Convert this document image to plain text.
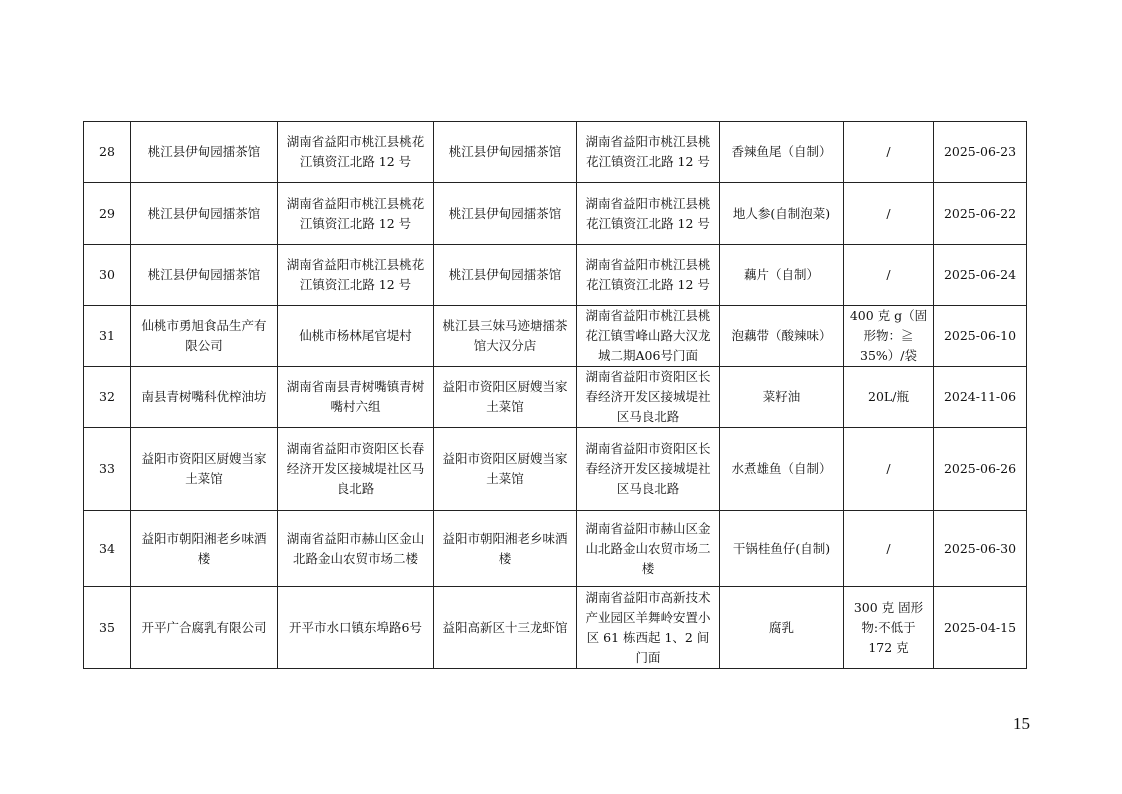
28	桃江县伊甸园擂茶馆	湖南省益阳市桃江县桃花江镇资江北路 12 号	桃江县伊甸园擂茶馆	湖南省益阳市桃江县桃花江镇资江北路 12 号	香辣鱼尾（自制）	/	2025-06-23
29	桃江县伊甸园擂茶馆	湖南省益阳市桃江县桃花江镇资江北路 12 号	桃江县伊甸园擂茶馆	湖南省益阳市桃江县桃花江镇资江北路 12 号	地人参(自制泡菜)	/	2025-06-22
30	桃江县伊甸园擂茶馆	湖南省益阳市桃江县桃花江镇资江北路 12 号	桃江县伊甸园擂茶馆	湖南省益阳市桃江县桃花江镇资江北路 12 号	藕片（自制）	/	2025-06-24
31	仙桃市勇旭食品生产有限公司	仙桃市杨林尾官堤村	桃江县三妹马迹塘擂茶馆大汉分店	湖南省益阳市桃江县桃花江镇雪峰山路大汉龙城二期A06号门面	泡藕带（酸辣味）	400 克 g（固形物：≧ 35%）/袋	2025-06-10
32	南县青树嘴科优榨油坊	湖南省南县青树嘴镇青树嘴村六组	益阳市资阳区厨嫂当家土菜馆	湖南省益阳市资阳区长春经济开发区接城堤社区马良北路	菜籽油	20L/瓶	2024-11-06
33	益阳市资阳区厨嫂当家土菜馆	湖南省益阳市资阳区长春经济开发区接城堤社区马良北路	益阳市资阳区厨嫂当家土菜馆	湖南省益阳市资阳区长春经济开发区接城堤社区马良北路	水煮雄鱼（自制）	/	2025-06-26
34	益阳市朝阳湘老乡味酒楼	湖南省益阳市赫山区金山北路金山农贸市场二楼	益阳市朝阳湘老乡味酒楼	湖南省益阳市赫山区金山北路金山农贸市场二楼	干锅桂鱼仔(自制)	/	2025-06-30
35	开平广合腐乳有限公司	开平市水口镇东埠路6号	益阳高新区十三龙虾馆	湖南省益阳市高新技术产业园区羊舞岭安置小区 61 栋西起 1、2 间门面	腐乳	300 克 固形物:不低于 172 克	2025-04-15
15
